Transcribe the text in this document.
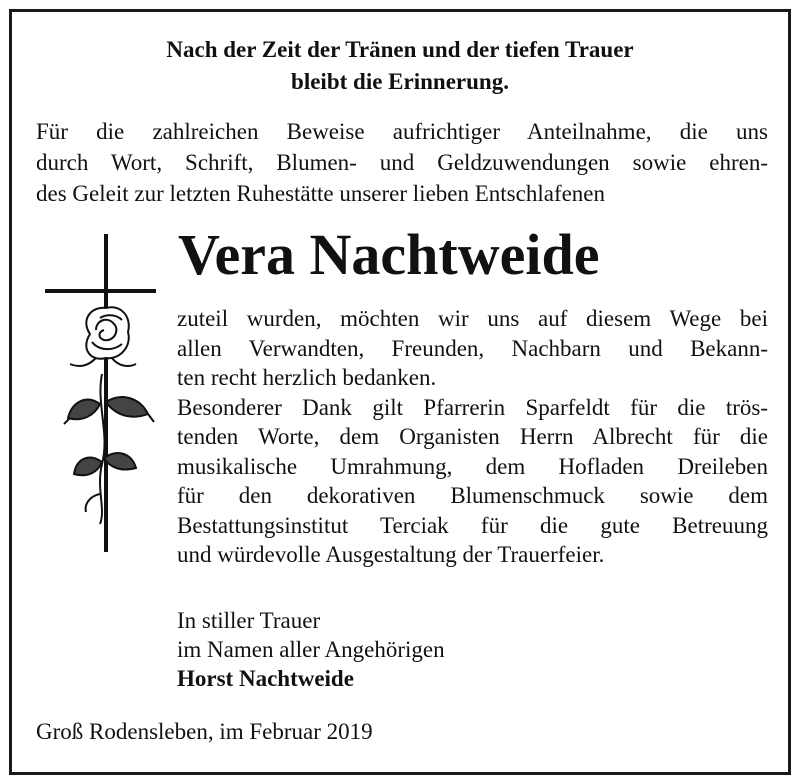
Nach der Zeit der Tränen und der tiefen Trauer
bleibt die Erinnerung.
Für die zahlreichen Beweise aufrichtiger Anteilnahme, die uns
durch Wort, Schrift, Blumen- und Geldzuwendungen sowie ehren-
des Geleit zur letzten Ruhestätte unserer lieben Entschlafenen
Vera Nachtweide
zuteil wurden, möchten wir uns auf diesem Wege bei
allen Verwandten, Freunden, Nachbarn und Bekann-
ten recht herzlich bedanken.
Besonderer Dank gilt Pfarrerin Sparfeldt für die trös-
tenden Worte, dem Organisten Herrn Albrecht für die
musikalische Umrahmung, dem Hofladen Dreileben
für den dekorativen Blumenschmuck sowie dem
Bestattungsinstitut Terciak für die gute Betreuung
und würdevolle Ausgestaltung der Trauerfeier.
In stiller Trauer
im Namen aller Angehörigen
Horst Nachtweide
Groß Rodensleben, im Februar 2019
